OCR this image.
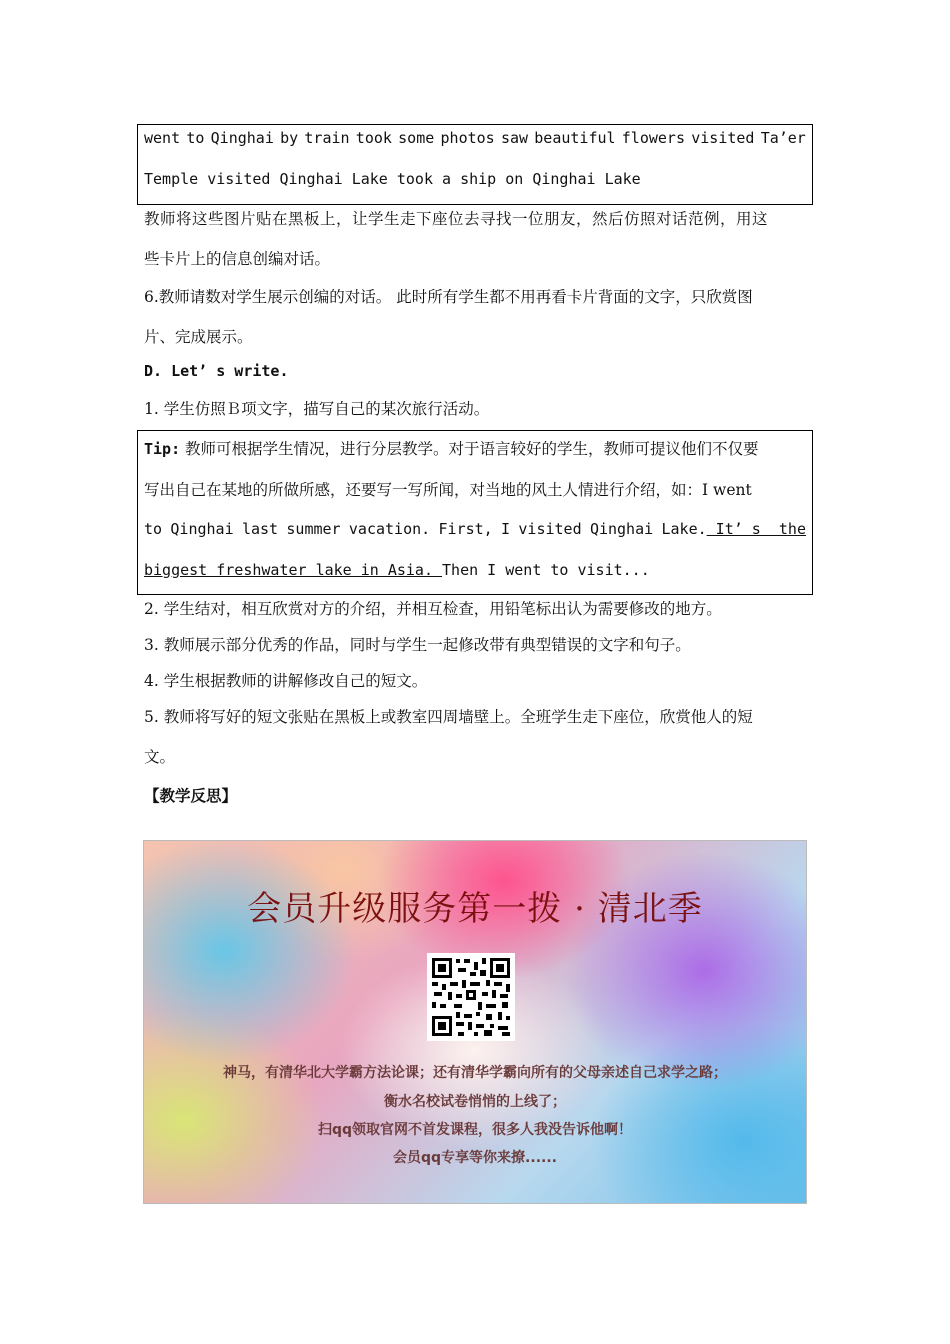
went to Qinghai by train took some photos saw beautiful flowers visited Ta’er
Temple visited Qinghai Lake took a ship on Qinghai Lake
教师将这些图片贴在黑板上，让学生走下座位去寻找一位朋友，然后仿照对话范例，用这
些卡片上的信息创编对话。
6.教师请数对学生展示创编的对话。 此时所有学生都不用再看卡片背面的文字，只欣赏图
片、完成展示。
D. Let’ s write.
1. 学生仿照Ｂ项文字，描写自己的某次旅行活动。
Tip: 教师可根据学生情况，进行分层教学。对于语言较好的学生，教师可提议他们不仅要
写出自己在某地的所做所感，还要写一写所闻，对当地的风土人情进行介绍，如：I went
to Qinghai last summer vacation. First, I visited Qinghai Lake. It’ s  the
biggest freshwater lake in Asia. Then I went to visit...
2. 学生结对，相互欣赏对方的介绍，并相互检查，用铅笔标出认为需要修改的地方。
3. 教师展示部分优秀的作品，同时与学生一起修改带有典型错误的文字和句子。
4. 学生根据教师的讲解修改自己的短文。
5. 教师将写好的短文张贴在黑板上或教室四周墙壁上。全班学生走下座位，欣赏他人的短
文。
【教学反思】
会员升级服务第一拨 · 清北季
神马，有清华北大学霸方法论课；还有清华学霸向所有的父母亲述自己求学之路；
衡水名校试卷悄悄的上线了；
扫qq领取官网不首发课程，很多人我没告诉他啊！
会员qq专享等你来撩......
